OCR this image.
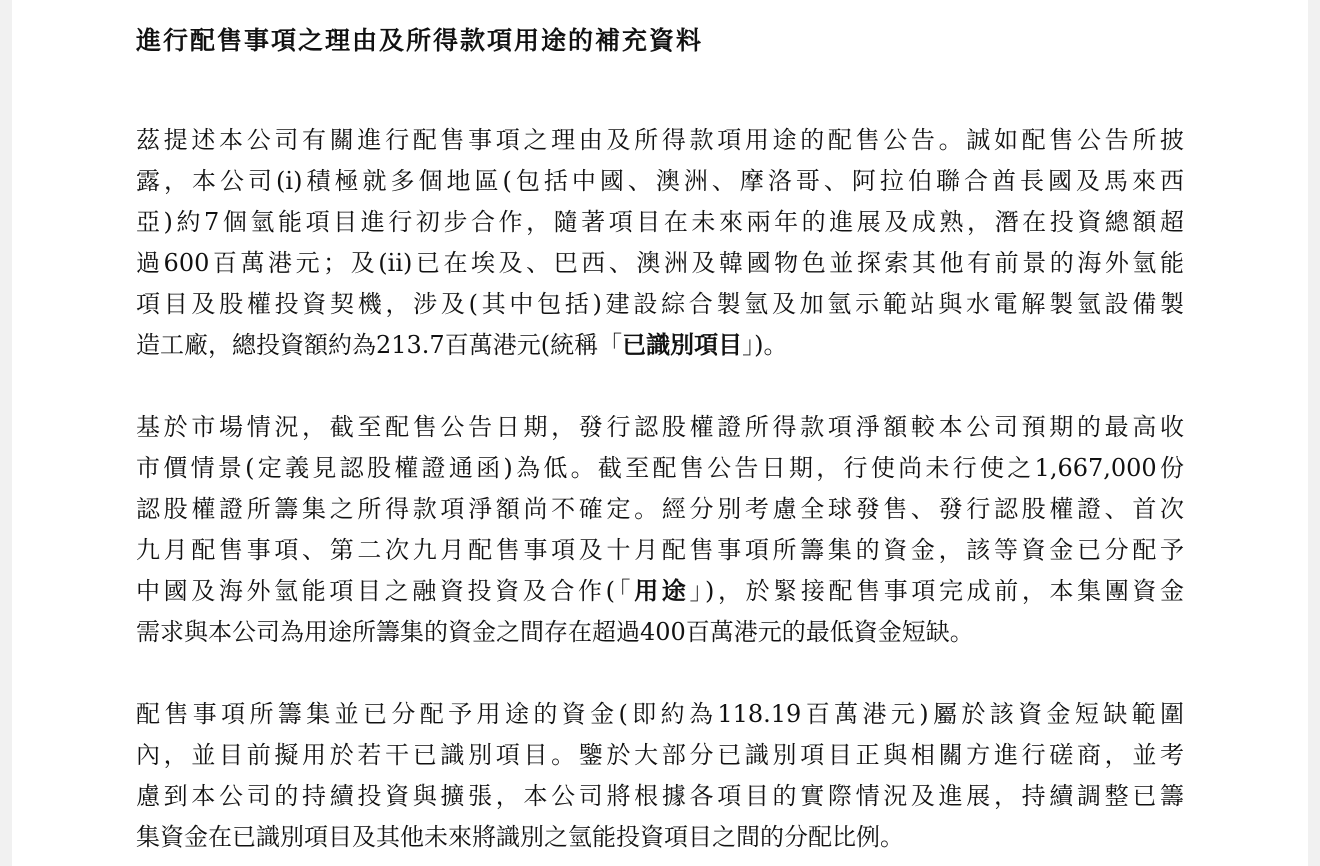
進行配售事項之理由及所得款項用途的補充資料

茲提述本公司有關進行配售事項之理由及所得款項用途的配售公告。誠如配售公告所披
露，本公司(i)積極就多個地區(包括中國、澳洲、摩洛哥、阿拉伯聯合酋長國及馬來西
亞)約7個氫能項目進行初步合作，隨著項目在未來兩年的進展及成熟，潛在投資總額超
過600百萬港元；及(ii)已在埃及、巴西、澳洲及韓國物色並探索其他有前景的海外氫能
項目及股權投資契機，涉及(其中包括)建設綜合製氫及加氫示範站與水電解製氫設備製
造工廠，總投資額約為213.7百萬港元(統稱「已識別項目」)。

基於市場情況，截至配售公告日期，發行認股權證所得款項淨額較本公司預期的最高收
市價情景(定義見認股權證通函)為低。截至配售公告日期，行使尚未行使之1,667,000份
認股權證所籌集之所得款項淨額尚不確定。經分別考慮全球發售、發行認股權證、首次
九月配售事項、第二次九月配售事項及十月配售事項所籌集的資金，該等資金已分配予
中國及海外氫能項目之融資投資及合作(「用途」)，於緊接配售事項完成前，本集團資金
需求與本公司為用途所籌集的資金之間存在超過400百萬港元的最低資金短缺。

配售事項所籌集並已分配予用途的資金(即約為118.19百萬港元)屬於該資金短缺範圍
內，並目前擬用於若干已識別項目。鑒於大部分已識別項目正與相關方進行磋商，並考
慮到本公司的持續投資與擴張，本公司將根據各項目的實際情況及進展，持續調整已籌
集資金在已識別項目及其他未來將識別之氫能投資項目之間的分配比例。
